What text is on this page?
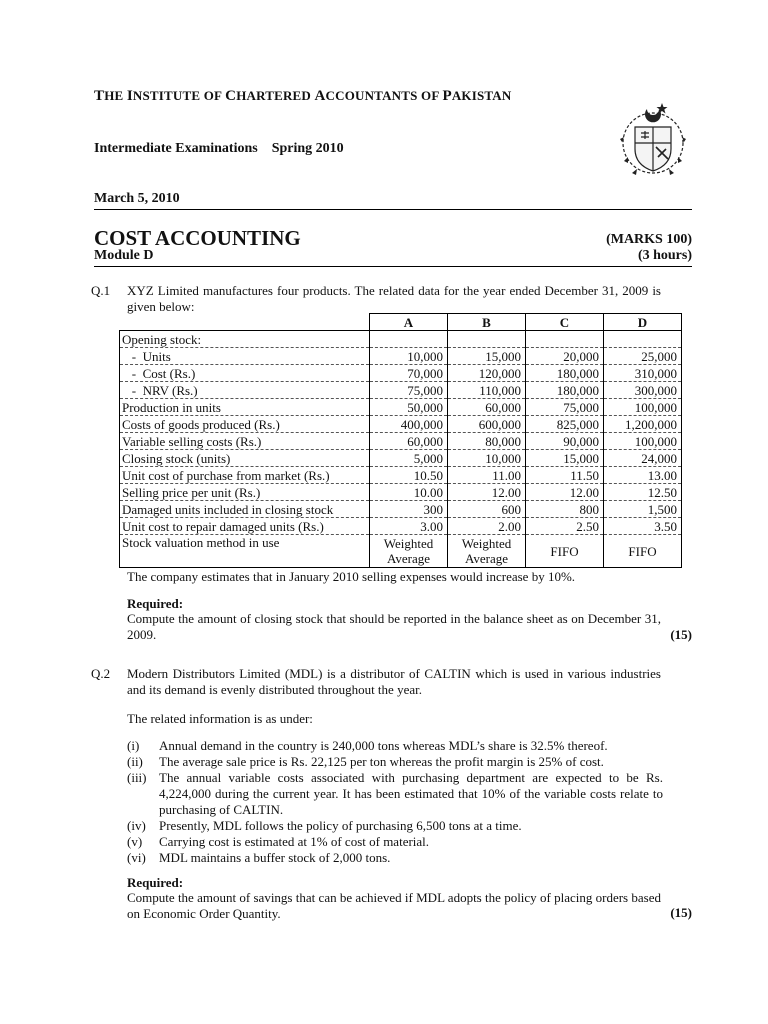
THE INSTITUTE OF CHARTERED ACCOUNTANTS OF PAKISTAN
Intermediate Examinations Spring 2010
March 5, 2010
COST ACCOUNTING	(MARKS 100)
Module D	(3 hours)
Q.1 XYZ Limited manufactures four products. The related data for the year ended December 31, 2009 is given below:
	A	B	C	D
Opening stock:				
-  Units	10,000	15,000	20,000	25,000
-  Cost (Rs.)	70,000	120,000	180,000	310,000
-  NRV (Rs.)	75,000	110,000	180,000	300,000
Production in units	50,000	60,000	75,000	100,000
Costs of goods produced (Rs.)	400,000	600,000	825,000	1,200,000
Variable selling costs (Rs.)	60,000	80,000	90,000	100,000
Closing stock (units)	5,000	10,000	15,000	24,000
Unit cost of purchase from market (Rs.)	10.50	11.00	11.50	13.00
Selling price per unit (Rs.)	10.00	12.00	12.00	12.50
Damaged units included in closing stock	300	600	800	1,500
Unit cost to repair damaged units (Rs.)	3.00	2.00	2.50	3.50
Stock valuation method in use	Weighted Average	Weighted Average	FIFO	FIFO
The company estimates that in January 2010 selling expenses would increase by 10%.
Required:
Compute the amount of closing stock that should be reported in the balance sheet as on December 31, 2009.	(15)
Q.2 Modern Distributors Limited (MDL) is a distributor of CALTIN which is used in various industries and its demand is evenly distributed throughout the year.
The related information is as under:
(i) Annual demand in the country is 240,000 tons whereas MDL’s share is 32.5% thereof.
(ii) The average sale price is Rs. 22,125 per ton whereas the profit margin is 25% of cost.
(iii) The annual variable costs associated with purchasing department are expected to be Rs. 4,224,000 during the current year. It has been estimated that 10% of the variable costs relate to purchasing of CALTIN.
(iv) Presently, MDL follows the policy of purchasing 6,500 tons at a time.
(v) Carrying cost is estimated at 1% of cost of material.
(vi) MDL maintains a buffer stock of 2,000 tons.
Required:
Compute the amount of savings that can be achieved if MDL adopts the policy of placing orders based on Economic Order Quantity.	(15)
